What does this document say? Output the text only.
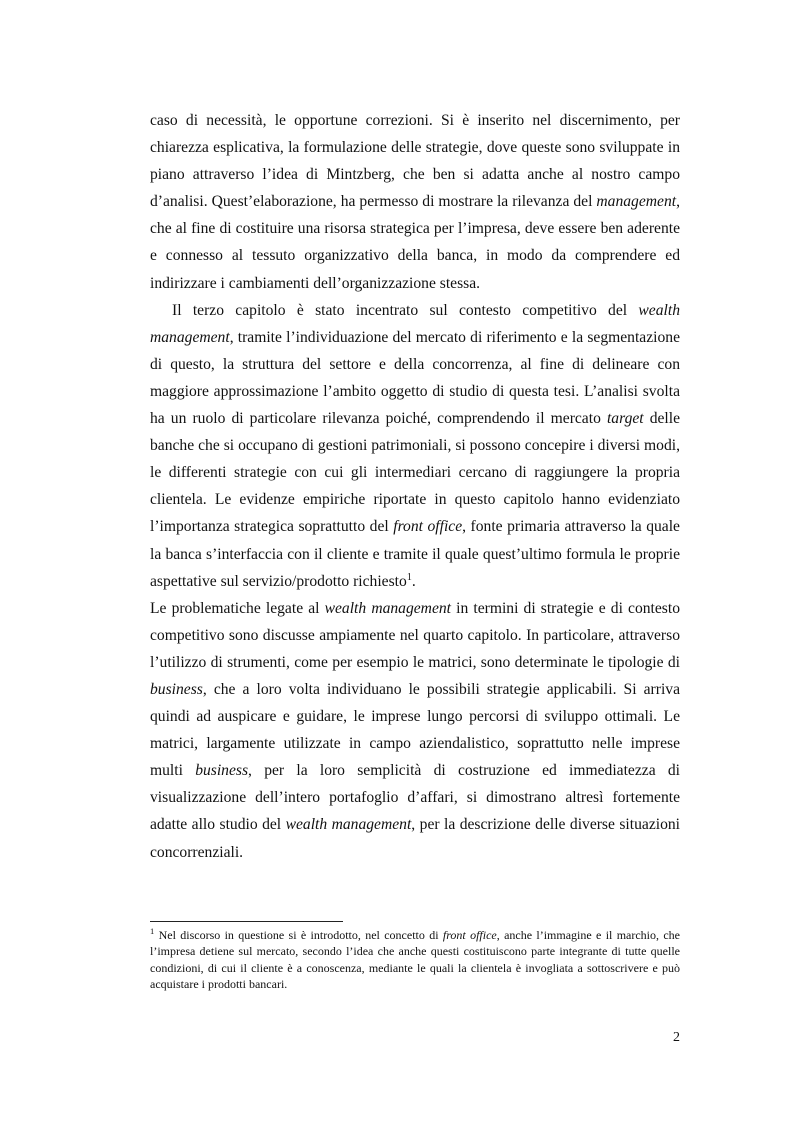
caso di necessità, le opportune correzioni. Si è inserito nel discernimento, per chiarezza esplicativa, la formulazione delle strategie, dove queste sono sviluppate in piano attraverso l’idea di Mintzberg, che ben si adatta anche al nostro campo d’analisi. Quest’elaborazione, ha permesso di mostrare la rilevanza del management, che al fine di costituire una risorsa strategica per l’impresa, deve essere ben aderente e connesso al tessuto organizzativo della banca, in modo da comprendere ed indirizzare i cambiamenti dell’organizzazione stessa.

Il terzo capitolo è stato incentrato sul contesto competitivo del wealth management, tramite l’individuazione del mercato di riferimento e la segmentazione di questo, la struttura del settore e della concorrenza, al fine di delineare con maggiore approssimazione l’ambito oggetto di studio di questa tesi. L’analisi svolta ha un ruolo di particolare rilevanza poiché, comprendendo il mercato target delle banche che si occupano di gestioni patrimoniali, si possono concepire i diversi modi, le differenti strategie con cui gli intermediari cercano di raggiungere la propria clientela. Le evidenze empiriche riportate in questo capitolo hanno evidenziato l’importanza strategica soprattutto del front office, fonte primaria attraverso la quale la banca s’interfaccia con il cliente e tramite il quale quest’ultimo formula le proprie aspettative sul servizio/prodotto richiesto$^1$.

Le problematiche legate al wealth management in termini di strategie e di contesto competitivo sono discusse ampiamente nel quarto capitolo. In particolare, attraverso l’utilizzo di strumenti, come per esempio le matrici, sono determinate le tipologie di business, che a loro volta individuano le possibili strategie applicabili. Si arriva quindi ad auspicare e guidare, le imprese lungo percorsi di sviluppo ottimali. Le matrici, largamente utilizzate in campo aziendalistico, soprattutto nelle imprese multi business, per la loro semplicità di costruzione ed immediatezza di visualizzazione dell’intero portafoglio d’affari, si dimostrano altresì fortemente adatte allo studio del wealth management, per la descrizione delle diverse situazioni concorrenziali.

$^1$ Nel discorso in questione si è introdotto, nel concetto di front office, anche l’immagine e il marchio, che l’impresa detiene sul mercato, secondo l’idea che anche questi costituiscono parte integrante di tutte quelle condizioni, di cui il cliente è a conoscenza, mediante le quali la clientela è invogliata a sottoscrivere e può acquistare i prodotti bancari.

2
